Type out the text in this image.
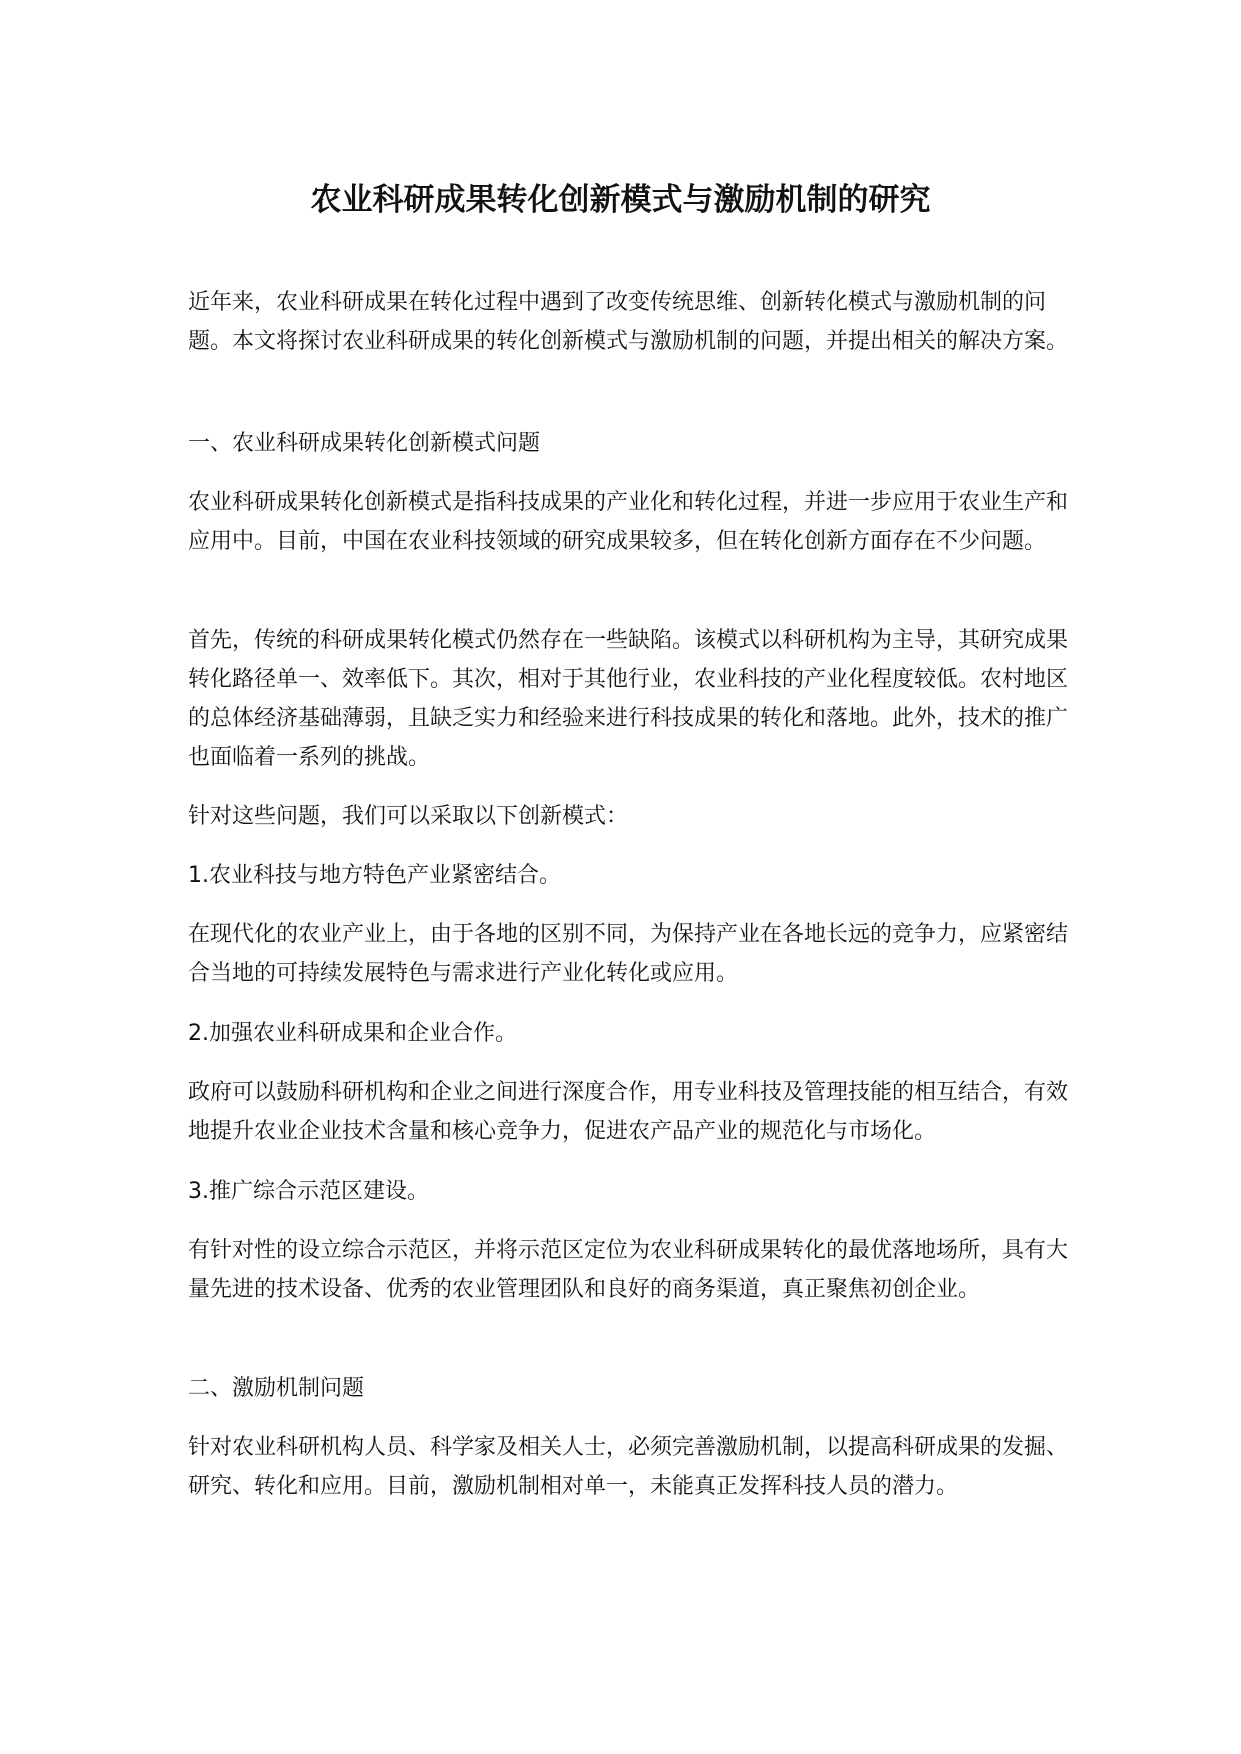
农业科研成果转化创新模式与激励机制的研究

近年来，农业科研成果在转化过程中遇到了改变传统思维、创新转化模式与激励机制的问题。本文将探讨农业科研成果的转化创新模式与激励机制的问题，并提出相关的解决方案。

一、农业科研成果转化创新模式问题

农业科研成果转化创新模式是指科技成果的产业化和转化过程，并进一步应用于农业生产和应用中。目前，中国在农业科技领域的研究成果较多，但在转化创新方面存在不少问题。

首先，传统的科研成果转化模式仍然存在一些缺陷。该模式以科研机构为主导，其研究成果转化路径单一、效率低下。其次，相对于其他行业，农业科技的产业化程度较低。农村地区的总体经济基础薄弱，且缺乏实力和经验来进行科技成果的转化和落地。此外，技术的推广也面临着一系列的挑战。

针对这些问题，我们可以采取以下创新模式：

1.农业科技与地方特色产业紧密结合。

在现代化的农业产业上，由于各地的区别不同，为保持产业在各地长远的竞争力，应紧密结合当地的可持续发展特色与需求进行产业化转化或应用。

2.加强农业科研成果和企业合作。

政府可以鼓励科研机构和企业之间进行深度合作，用专业科技及管理技能的相互结合，有效地提升农业企业技术含量和核心竞争力，促进农产品产业的规范化与市场化。

3.推广综合示范区建设。

有针对性的设立综合示范区，并将示范区定位为农业科研成果转化的最优落地场所，具有大量先进的技术设备、优秀的农业管理团队和良好的商务渠道，真正聚焦初创企业。

二、激励机制问题

针对农业科研机构人员、科学家及相关人士，必须完善激励机制，以提高科研成果的发掘、研究、转化和应用。目前，激励机制相对单一，未能真正发挥科技人员的潜力。
